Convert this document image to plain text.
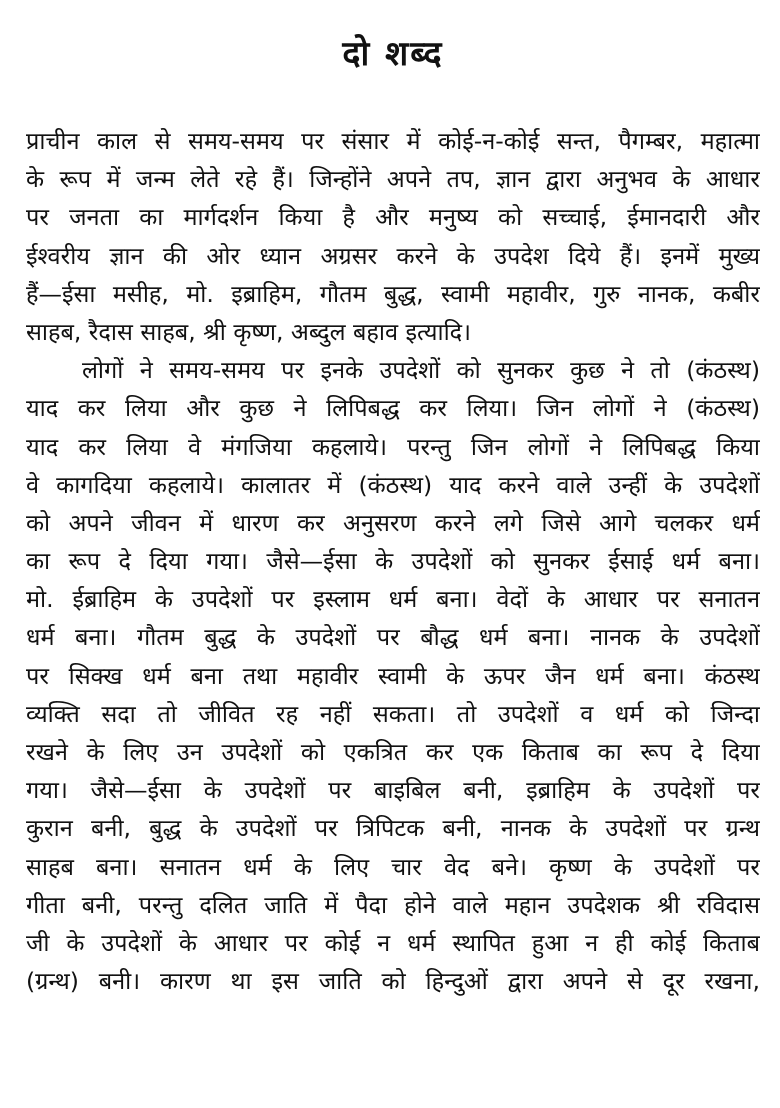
दो शब्द
प्राचीन काल से समय-समय पर संसार में कोई-न-कोई सन्त, पैगम्बर, महात्मा
के रूप में जन्म लेते रहे हैं। जिन्होंने अपने तप, ज्ञान द्वारा अनुभव के आधार
पर जनता का मार्गदर्शन किया है और मनुष्य को सच्चाई, ईमानदारी और
ईश्वरीय ज्ञान की ओर ध्यान अग्रसर करने के उपदेश दिये हैं। इनमें मुख्य
हैं—ईसा मसीह, मो. इब्राहिम, गौतम बुद्ध, स्वामी महावीर, गुरु नानक, कबीर
साहब, रैदास साहब, श्री कृष्ण, अब्दुल बहाव इत्यादि।
लोगों ने समय-समय पर इनके उपदेशों को सुनकर कुछ ने तो (कंठस्थ)
याद कर लिया और कुछ ने लिपिबद्ध कर लिया। जिन लोगों ने (कंठस्थ)
याद कर लिया वे मंगजिया कहलाये। परन्तु जिन लोगों ने लिपिबद्ध किया
वे कागदिया कहलाये। कालातर में (कंठस्थ) याद करने वाले उन्हीं के उपदेशों
को अपने जीवन में धारण कर अनुसरण करने लगे जिसे आगे चलकर धर्म
का रूप दे दिया गया। जैसे—ईसा के उपदेशों को सुनकर ईसाई धर्म बना।
मो. ईब्राहिम के उपदेशों पर इस्लाम धर्म बना। वेदों के आधार पर सनातन
धर्म बना। गौतम बुद्ध के उपदेशों पर बौद्ध धर्म बना। नानक के उपदेशों
पर सिक्ख धर्म बना तथा महावीर स्वामी के ऊपर जैन धर्म बना। कंठस्थ
व्यक्ति सदा तो जीवित रह नहीं सकता। तो उपदेशों व धर्म को जिन्दा
रखने के लिए उन उपदेशों को एकत्रित कर एक किताब का रूप दे दिया
गया। जैसे—ईसा के उपदेशों पर बाइबिल बनी, इब्राहिम के उपदेशों पर
कुरान बनी, बुद्ध के उपदेशों पर त्रिपिटक बनी, नानक के उपदेशों पर ग्रन्थ
साहब बना। सनातन धर्म के लिए चार वेद बने। कृष्ण के उपदेशों पर
गीता बनी, परन्तु दलित जाति में पैदा होने वाले महान उपदेशक श्री रविदास
जी के उपदेशों के आधार पर कोई न धर्म स्थापित हुआ न ही कोई किताब
(ग्रन्थ) बनी। कारण था इस जाति को हिन्दुओं द्वारा अपने से दूर रखना,
